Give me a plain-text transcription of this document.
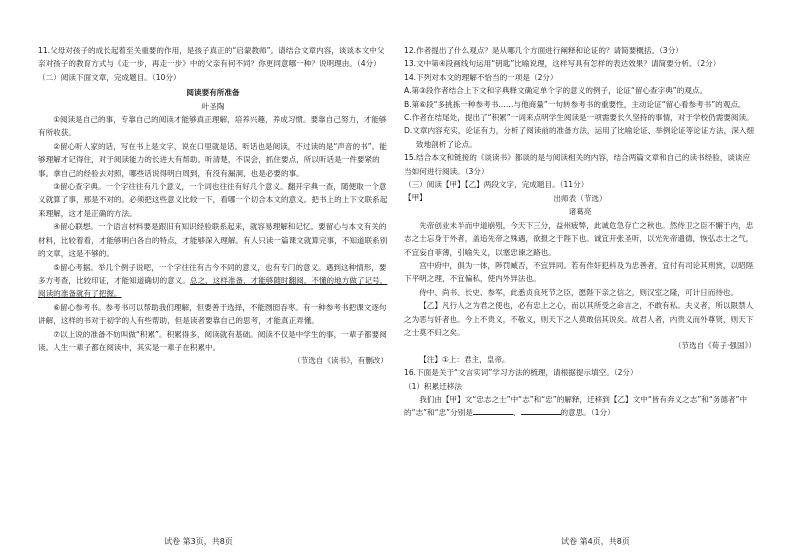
11.父母对孩子的成长起着至关重要的作用，是孩子真正的“启蒙教师”。请结合文章内容，谈谈本文中父亲对孩子的教育方式与《走一步，再走一步》中的父亲有何不同？你更同意哪一种？说明理由。（4分）

（二）阅读下面文章，完成题目。（10分）

阅读要有所准备

叶圣陶

①阅读是自己的事，专靠自己的阅读才能够真正理解，培养兴趣，养成习惯。要靠自己努力，才能够有所收获。

②留心听人家的话，写在书上是文字，说在口里就是话。听话也是阅读，不过读的是“声音的书”。能够理解才记得住，对于阅读能力的长进大有帮助。听清楚，不误会，抓住要点，所以听话是一件要紧的事。拿自己的经验去对照，哪些话说得明白周到，有没有漏洞，也是必要的事。

③留心查字典。一个字往往有几个意义，一个词也往往有好几个意义。翻开字典一查，随便取一个意义就算了事，那是不对的。必须把这些意义比较一下，看哪一个切合本文的意义。把书上的上下文联系起来理解，这才是正确的方法。

④留心联想。一个语言材料要是跟旧有知识经验联系起来，就容易理解和记忆。要留心与本文有关的材料，比较着看，才能够明白各自的特点，才能够深入理解。有人只读一篇课文就算完事，不知道联系别的文章，这是不够的。

⑤留心考据。举几个例子说吧，一个字往往有古今不同的意义，也有专门的意义。遇到这种情形，要多方考查，比较印证，才能知道确切的意义。总之，这样准备，才能够随时翻阅，不懂的地方做了记号，阅读的准备就有了把握。

⑥留心参考书。参考书可以帮助我们理解，但要善于选择，不能囫囵吞枣。有一种参考书把课文逐句讲解，这样的书对于初学的人有些帮助，但是读者要靠自己的思考，才能真正弄懂。

⑦以上说的准备不妨叫做“积累”。积累得多，阅读就有基础。阅读不仅是中学生的事，一辈子都要阅读。人生一辈子都在阅读中，其实是一辈子在积累中。

（节选自《读书》，有删改）

12.作者提出了什么观点？是从哪几个方面进行阐释和论证的？请简要概括。（3分）

13.文中第④段画线句运用“钥匙”比喻说理，这样写具有怎样的表达效果？请简要分析。（2分）

14.下列对本文的理解不恰当的一项是（2分）

A.第③段作者结合上下文和字典释文确定单个字的意义的例子，论证“留心查字典”的观点。

B.第⑥段“多挑拣一种参考书……与他商量”一句转参考书的重要性，主动论证“留心看参考书”的观点。

C.作者在结尾处，提出了“积累”一词来点明学生阅读是一项需要长久坚持的事情，对于学校仍需要阅读。

D.文章内容充实，论证有力，分析了阅读前的准备方法，运用了比喻论证、举例论证等论证方法，深入细致地剖析了论点。

15.结合本文和链接的《谈读书》都谈的是与阅读相关的内容，结合两篇文章和自己的读书经验，谈谈应当如何进行阅读。（3分）

（三）阅读【甲】【乙】两段文字，完成题目。（11分）

【甲】	出师表（节选）

诸葛亮

先帝创业未半而中道崩殂，今天下三分，益州疲弊，此诚危急存亡之秋也。然侍卫之臣不懈于内，忠志之士忘身于外者，盖追先帝之殊遇，欲报之于陛下也。诚宜开张圣听，以光先帝遗德，恢弘志士之气，不宜妄自菲薄，引喻失义，以塞忠谏之路也。

宫中府中，俱为一体，陟罚臧否，不宜异同。若有作奸犯科及为忠善者，宜付有司论其刑赏，以昭陛下平明之理，不宜偏私，使内外异法也。

侍中、尚书、长史、参军，此悉贞良死节之臣，愿陛下亲之信之，则汉室之隆，可计日而待也。

【乙】凡行人之为君之使也，必有忠上之心，而以其所受之命言之，不敢有私。夫义者，所以限禁人之为恶与奸者也。今上不贵义，不敬义，则天下之人莫敢信其说矣。故君人者，内贵义而外尊贤，则天下之士莫不归之矣。

（节选自《荀子·强国》）

【注】①上：君主，皇帝。

16.下面是关于“文言实词”学习方法的梳理，请根据提示填空。（2分）

（1）积累迁移法

我们由【甲】文“忠志之士”中“志”和“忠”的解释，迁移到【乙】文中“皆有奔义之志”和“务德者”中的“志”和“忠”分别是	、	的意思。（1分）

试卷 第3页，共8页	试卷 第4页，共8页
